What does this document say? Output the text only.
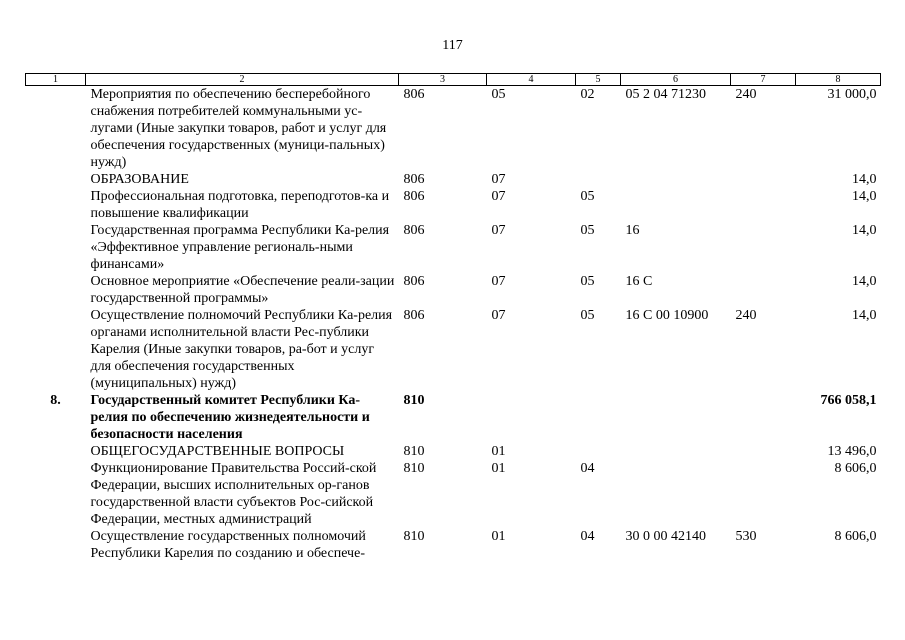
117
1	2	3	4	5	6	7	8
	Мероприятия по обеспечению бесперебойного снабжения потребителей коммунальными ус-лугами (Иные закупки товаров, работ и услуг для обеспечения государственных (муници-пальных) нужд)	806	05	02	05 2 04 71230	240	31 000,0
	ОБРАЗОВАНИЕ	806	07				14,0
	Профессиональная подготовка, переподготов-ка и повышение квалификации	806	07	05			14,0
	Государственная программа Республики Ка-релия «Эффективное управление региональ-ными финансами»	806	07	05	16		14,0
	Основное мероприятие «Обеспечение реали-зации государственной программы»	806	07	05	16 С		14,0
	Осуществление полномочий Республики Ка-релия органами исполнительной власти Рес-публики Карелия (Иные закупки товаров, ра-бот и услуг для обеспечения государственных (муниципальных) нужд)	806	07	05	16 С 00 10900	240	14,0
8.	Государственный комитет Республики Ка-релия по обеспечению жизнедеятельности и безопасности населения	810					766 058,1
	ОБЩЕГОСУДАРСТВЕННЫЕ ВОПРОСЫ	810	01				13 496,0
	Функционирование Правительства Россий-ской Федерации, высших исполнительных ор-ганов государственной власти субъектов Рос-сийской Федерации, местных администраций	810	01	04			8 606,0
	Осуществление государственных полномочий Республики Карелия по созданию и обеспече-	810	01	04	30 0 00 42140	530	8 606,0
